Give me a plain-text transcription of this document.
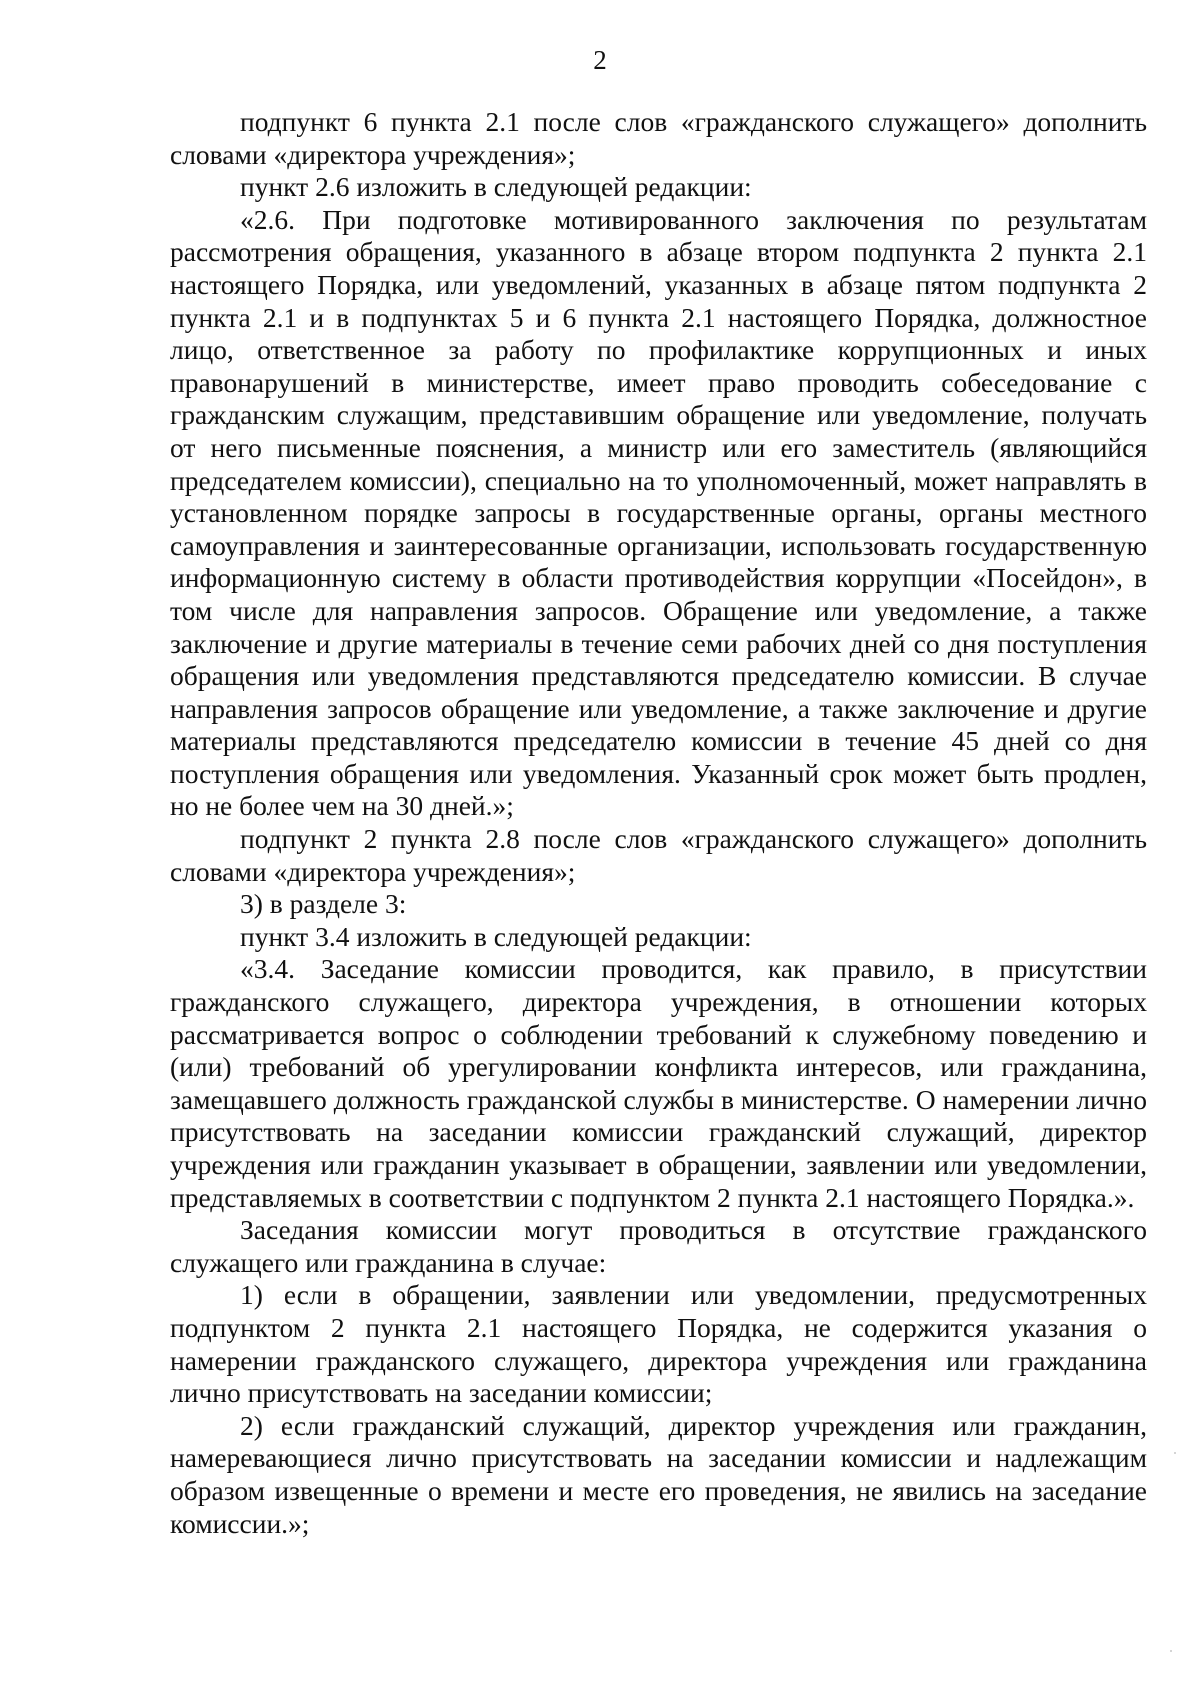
2

подпункт 6 пункта 2.1 после слов «гражданского служащего» дополнить словами «директора учреждения»;

пункт 2.6 изложить в следующей редакции:

«2.6. При подготовке мотивированного заключения по результатам рассмотрения обращения, указанного в абзаце втором подпункта 2 пункта 2.1 настоящего Порядка, или уведомлений, указанных в абзаце пятом подпункта 2 пункта 2.1 и в подпунктах 5 и 6 пункта 2.1 настоящего Порядка, должностное лицо, ответственное за работу по профилактике коррупционных и иных правонарушений в министерстве, имеет право проводить собеседование с гражданским служащим, представившим обращение или уведомление, получать от него письменные пояснения, а министр или его заместитель (являющийся председателем комиссии), специально на то уполномоченный, может направлять в установленном порядке запросы в государственные органы, органы местного самоуправления и заинтересованные организации, использовать государственную информационную систему в области противодействия коррупции «Посейдон», в том числе для направления запросов. Обращение или уведомление, а также заключение и другие материалы в течение семи рабочих дней со дня поступления обращения или уведомления представляются председателю комиссии. В случае направления запросов обращение или уведомление, а также заключение и другие материалы представляются председателю комиссии в течение 45 дней со дня поступления обращения или уведомления. Указанный срок может быть продлен, но не более чем на 30 дней.»;

подпункт 2 пункта 2.8 после слов «гражданского служащего» дополнить словами «директора учреждения»;

3) в разделе 3:

пункт 3.4 изложить в следующей редакции:

«3.4. Заседание комиссии проводится, как правило, в присутствии гражданского служащего, директора учреждения, в отношении которых рассматривается вопрос о соблюдении требований к служебному поведению и (или) требований об урегулировании конфликта интересов, или гражданина, замещавшего должность гражданской службы в министерстве. О намерении лично присутствовать на заседании комиссии гражданский служащий, директор учреждения или гражданин указывает в обращении, заявлении или уведомлении, представляемых в соответствии с подпунктом 2 пункта 2.1 настоящего Порядка.».

Заседания комиссии могут проводиться в отсутствие гражданского служащего или гражданина в случае:

1) если в обращении, заявлении или уведомлении, предусмотренных подпунктом 2 пункта 2.1 настоящего Порядка, не содержится указания о намерении гражданского служащего, директора учреждения или гражданина лично присутствовать на заседании комиссии;

2) если гражданский служащий, директор учреждения или гражданин, намеревающиеся лично присутствовать на заседании комиссии и надлежащим образом извещенные о времени и месте его проведения, не явились на заседание комиссии.»;
